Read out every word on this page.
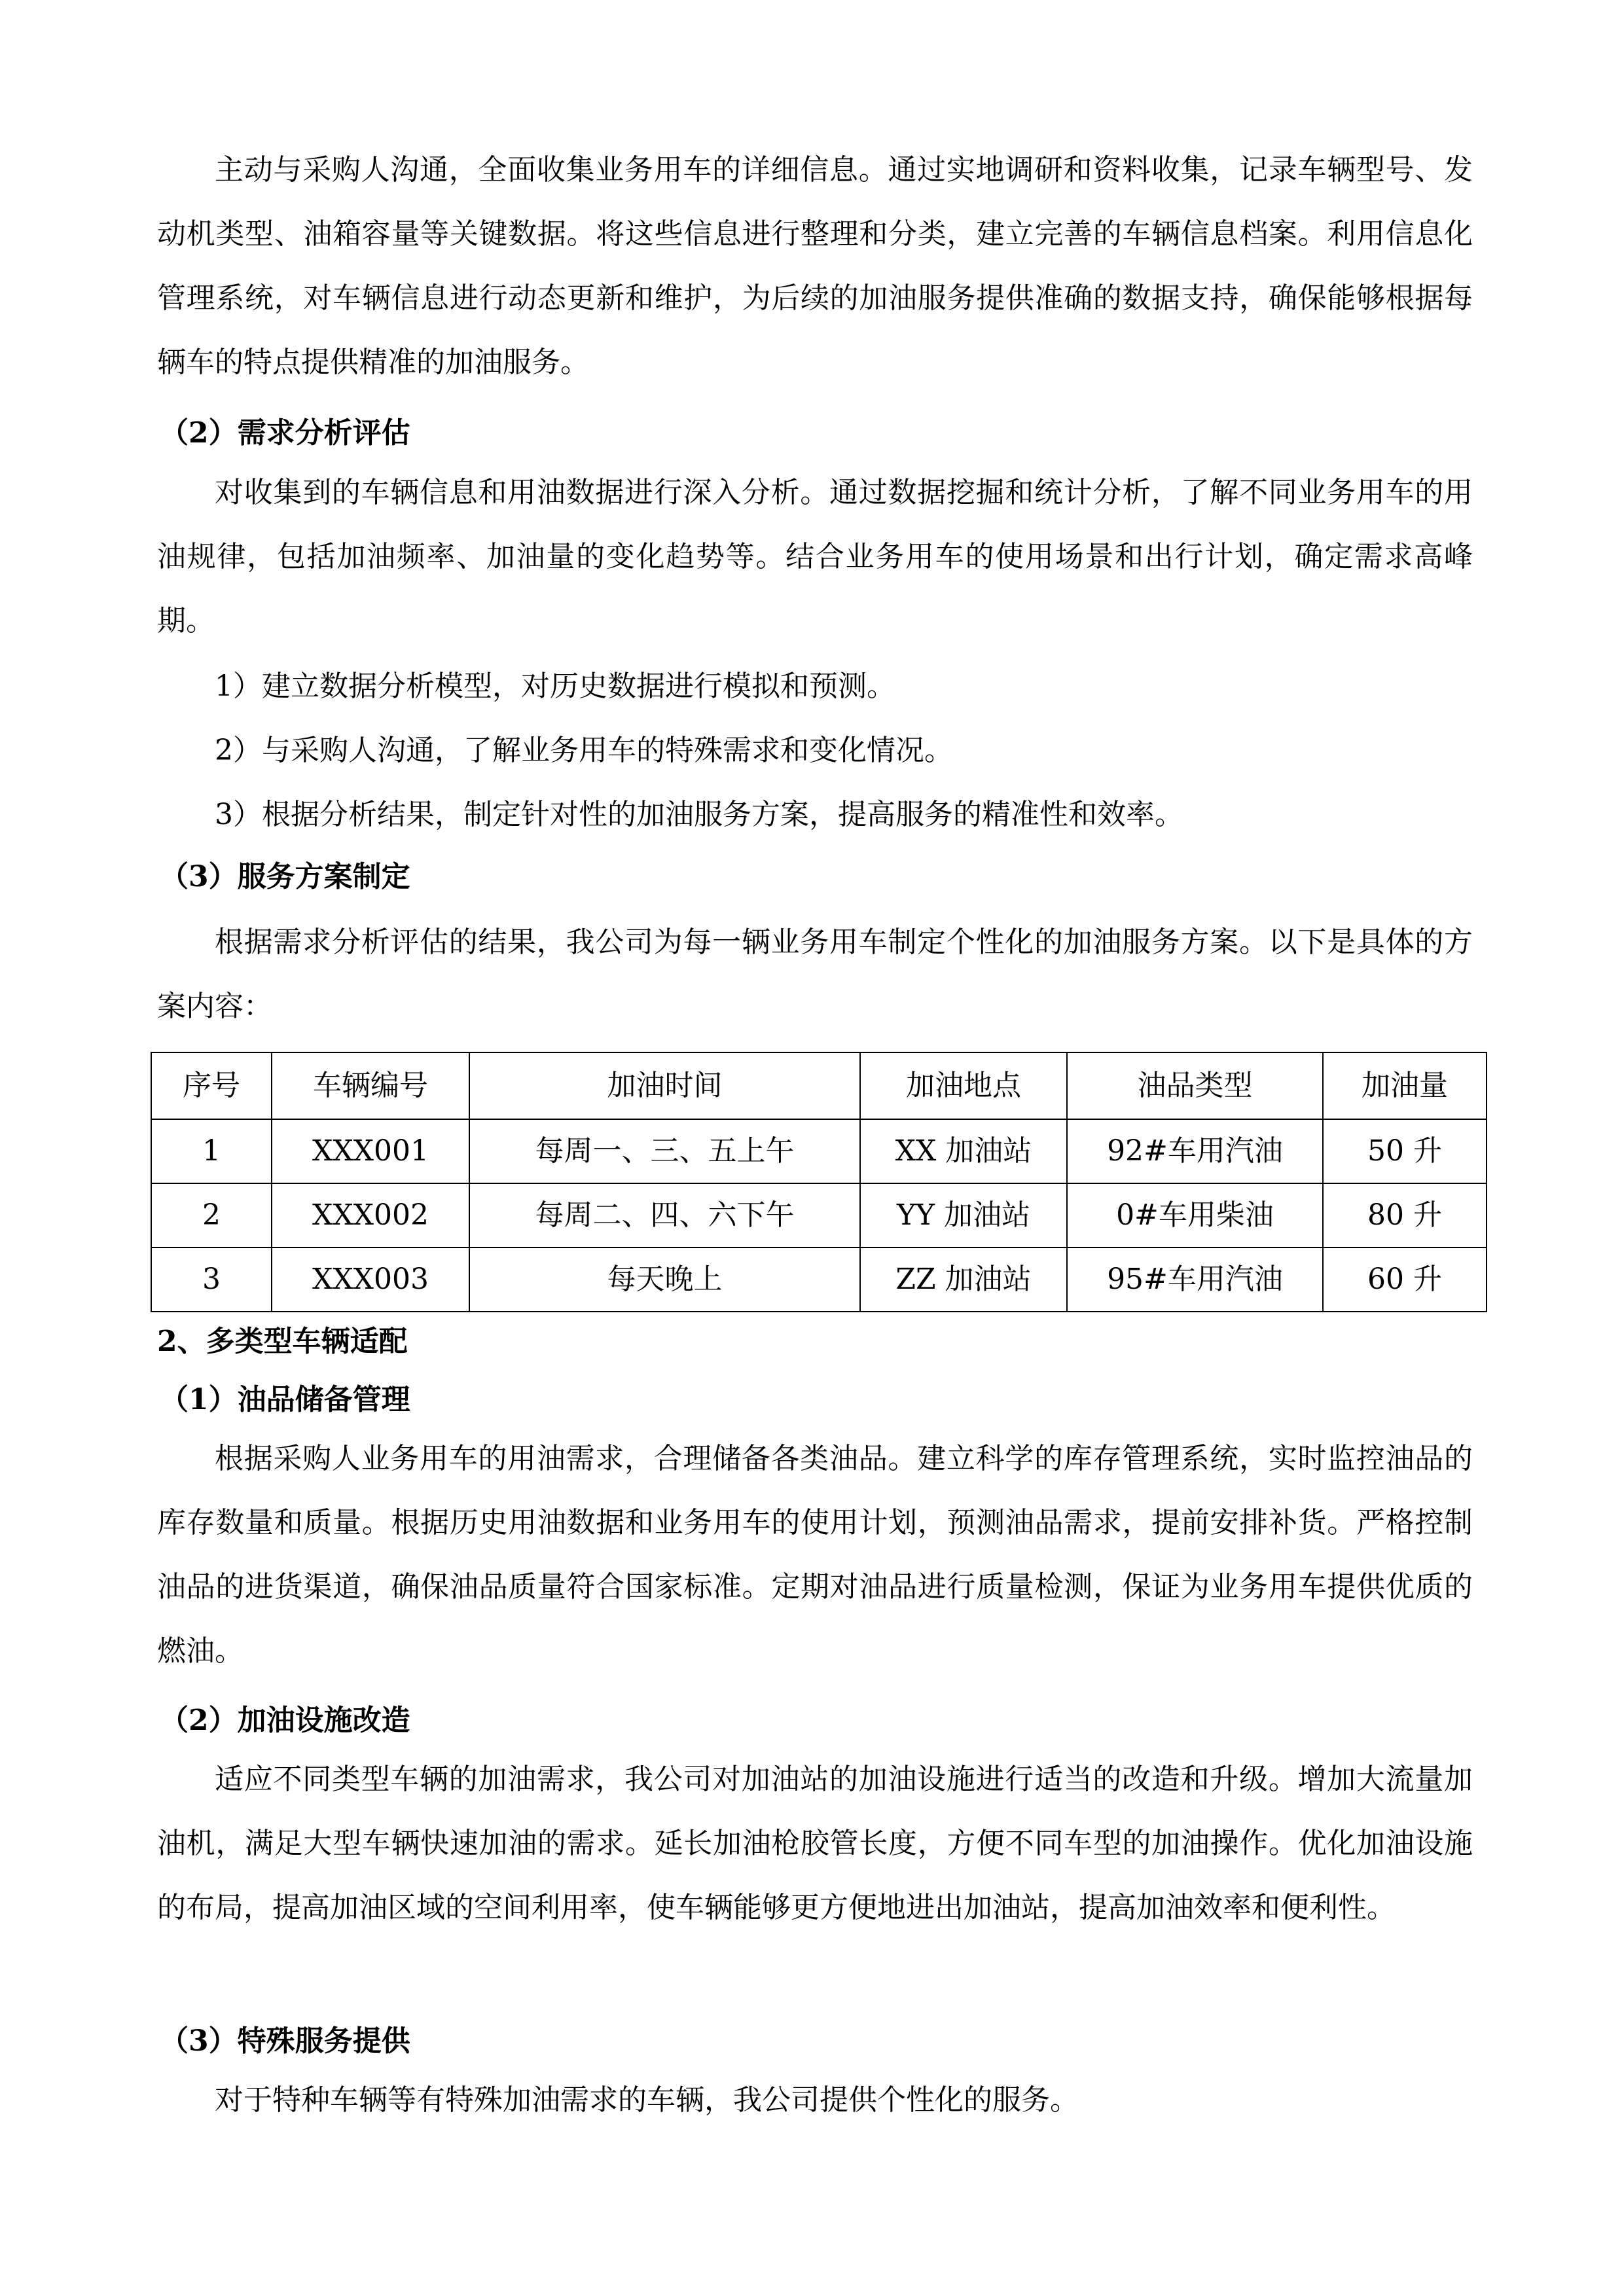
主动与采购人沟通，全面收集业务用车的详细信息。通过实地调研和资料收集，记录车辆型号、发动机类型、油箱容量等关键数据。将这些信息进行整理和分类，建立完善的车辆信息档案。利用信息化管理系统，对车辆信息进行动态更新和维护，为后续的加油服务提供准确的数据支持，确保能够根据每辆车的特点提供精准的加油服务。

（2）需求分析评估

对收集到的车辆信息和用油数据进行深入分析。通过数据挖掘和统计分析，了解不同业务用车的用油规律，包括加油频率、加油量的变化趋势等。结合业务用车的使用场景和出行计划，确定需求高峰期。

1）建立数据分析模型，对历史数据进行模拟和预测。

2）与采购人沟通，了解业务用车的特殊需求和变化情况。

3）根据分析结果，制定针对性的加油服务方案，提高服务的精准性和效率。

（3）服务方案制定

根据需求分析评估的结果，我公司为每一辆业务用车制定个性化的加油服务方案。以下是具体的方案内容：

序号	车辆编号	加油时间	加油地点	油品类型	加油量
1	XXX001	每周一、三、五上午	XX 加油站	92#车用汽油	50 升
2	XXX002	每周二、四、六下午	YY 加油站	0#车用柴油	80 升
3	XXX003	每天晚上	ZZ 加油站	95#车用汽油	60 升

2、多类型车辆适配

（1）油品储备管理

根据采购人业务用车的用油需求，合理储备各类油品。建立科学的库存管理系统，实时监控油品的库存数量和质量。根据历史用油数据和业务用车的使用计划，预测油品需求，提前安排补货。严格控制油品的进货渠道，确保油品质量符合国家标准。定期对油品进行质量检测，保证为业务用车提供优质的燃油。

（2）加油设施改造

适应不同类型车辆的加油需求，我公司对加油站的加油设施进行适当的改造和升级。增加大流量加油机，满足大型车辆快速加油的需求。延长加油枪胶管长度，方便不同车型的加油操作。优化加油设施的布局，提高加油区域的空间利用率，使车辆能够更方便地进出加油站，提高加油效率和便利性。

（3）特殊服务提供

对于特种车辆等有特殊加油需求的车辆，我公司提供个性化的服务。
